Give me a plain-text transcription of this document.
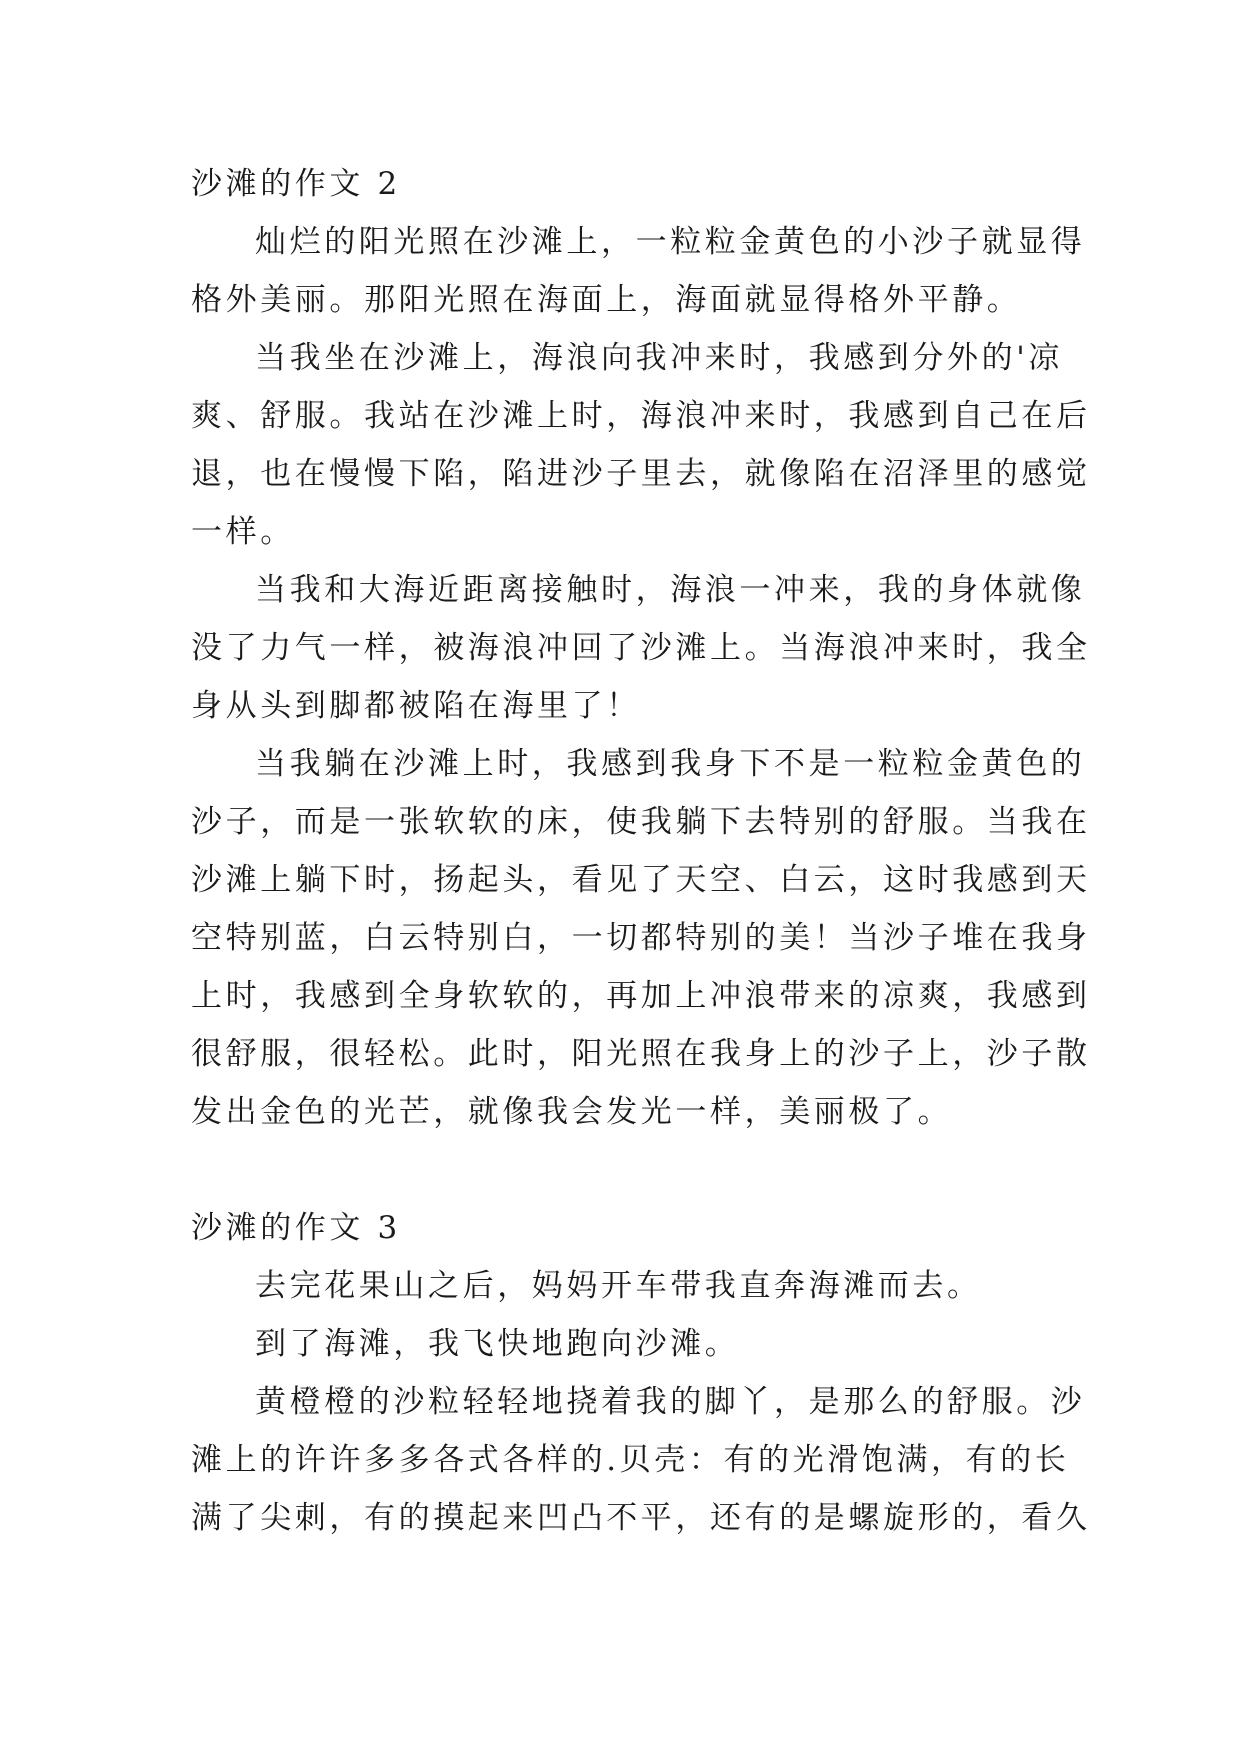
沙滩的作文 2
灿烂的阳光照在沙滩上，一粒粒金黄色的小沙子就显得
格外美丽。那阳光照在海面上，海面就显得格外平静。
当我坐在沙滩上，海浪向我冲来时，我感到分外的'凉
爽、舒服。我站在沙滩上时，海浪冲来时，我感到自己在后
退，也在慢慢下陷，陷进沙子里去，就像陷在沼泽里的感觉
一样。
当我和大海近距离接触时，海浪一冲来，我的身体就像
没了力气一样，被海浪冲回了沙滩上。当海浪冲来时，我全
身从头到脚都被陷在海里了！
当我躺在沙滩上时，我感到我身下不是一粒粒金黄色的
沙子，而是一张软软的床，使我躺下去特别的舒服。当我在
沙滩上躺下时，扬起头，看见了天空、白云，这时我感到天
空特别蓝，白云特别白，一切都特别的美！当沙子堆在我身
上时，我感到全身软软的，再加上冲浪带来的凉爽，我感到
很舒服，很轻松。此时，阳光照在我身上的沙子上，沙子散
发出金色的光芒，就像我会发光一样，美丽极了。
沙滩的作文 3
去完花果山之后，妈妈开车带我直奔海滩而去。
到了海滩，我飞快地跑向沙滩。
黄橙橙的沙粒轻轻地挠着我的脚丫，是那么的舒服。沙
滩上的许许多多各式各样的.贝壳：有的光滑饱满，有的长
满了尖刺，有的摸起来凹凸不平，还有的是螺旋形的，看久
